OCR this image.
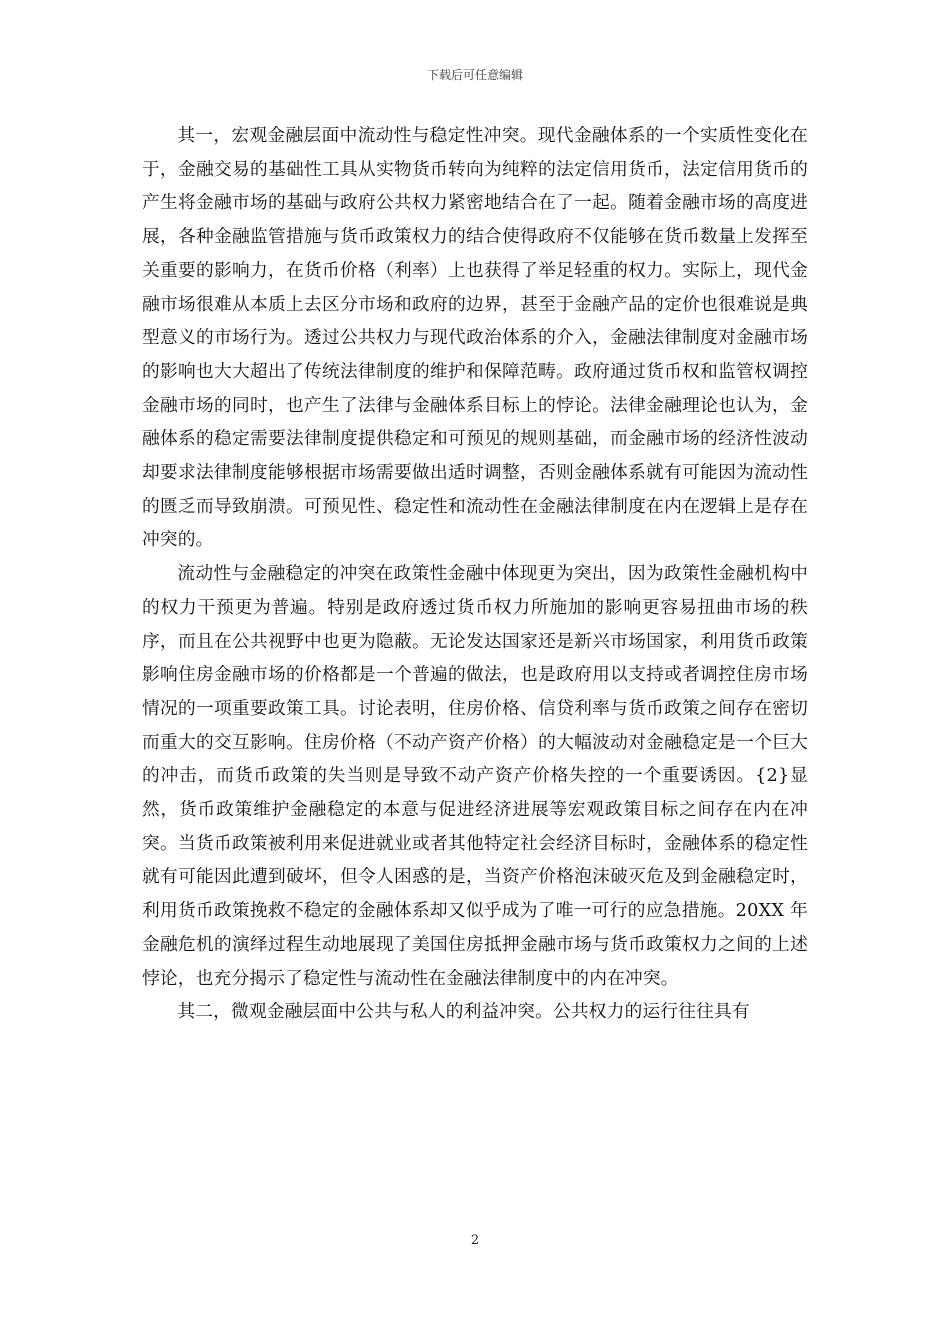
下载后可任意编辑

其一，宏观金融层面中流动性与稳定性冲突。现代金融体系的一个实质性变化在于，金融交易的基础性工具从实物货币转向为纯粹的法定信用货币，法定信用货币的产生将金融市场的基础与政府公共权力紧密地结合在了一起。随着金融市场的高度进展，各种金融监管措施与货币政策权力的结合使得政府不仅能够在货币数量上发挥至关重要的影响力，在货币价格（利率）上也获得了举足轻重的权力。实际上，现代金融市场很难从本质上去区分市场和政府的边界，甚至于金融产品的定价也很难说是典型意义的市场行为。透过公共权力与现代政治体系的介入，金融法律制度对金融市场的影响也大大超出了传统法律制度的维护和保障范畴。政府通过货币权和监管权调控金融市场的同时，也产生了法律与金融体系目标上的悖论。法律金融理论也认为，金融体系的稳定需要法律制度提供稳定和可预见的规则基础，而金融市场的经济性波动却要求法律制度能够根据市场需要做出适时调整，否则金融体系就有可能因为流动性的匮乏而导致崩溃。可预见性、稳定性和流动性在金融法律制度在内在逻辑上是存在冲突的。

流动性与金融稳定的冲突在政策性金融中体现更为突出，因为政策性金融机构中的权力干预更为普遍。特别是政府透过货币权力所施加的影响更容易扭曲市场的秩序，而且在公共视野中也更为隐蔽。无论发达国家还是新兴市场国家，利用货币政策影响住房金融市场的价格都是一个普遍的做法，也是政府用以支持或者调控住房市场情况的一项重要政策工具。讨论表明，住房价格、信贷利率与货币政策之间存在密切而重大的交互影响。住房价格（不动产资产价格）的大幅波动对金融稳定是一个巨大的冲击，而货币政策的失当则是导致不动产资产价格失控的一个重要诱因。{2}显然，货币政策维护金融稳定的本意与促进经济进展等宏观政策目标之间存在内在冲突。当货币政策被利用来促进就业或者其他特定社会经济目标时，金融体系的稳定性就有可能因此遭到破坏，但令人困惑的是，当资产价格泡沫破灭危及到金融稳定时，利用货币政策挽救不稳定的金融体系却又似乎成为了唯一可行的应急措施。20XX 年金融危机的演绎过程生动地展现了美国住房抵押金融市场与货币政策权力之间的上述悖论，也充分揭示了稳定性与流动性在金融法律制度中的内在冲突。

其二，微观金融层面中公共与私人的利益冲突。公共权力的运行往往具有

2
